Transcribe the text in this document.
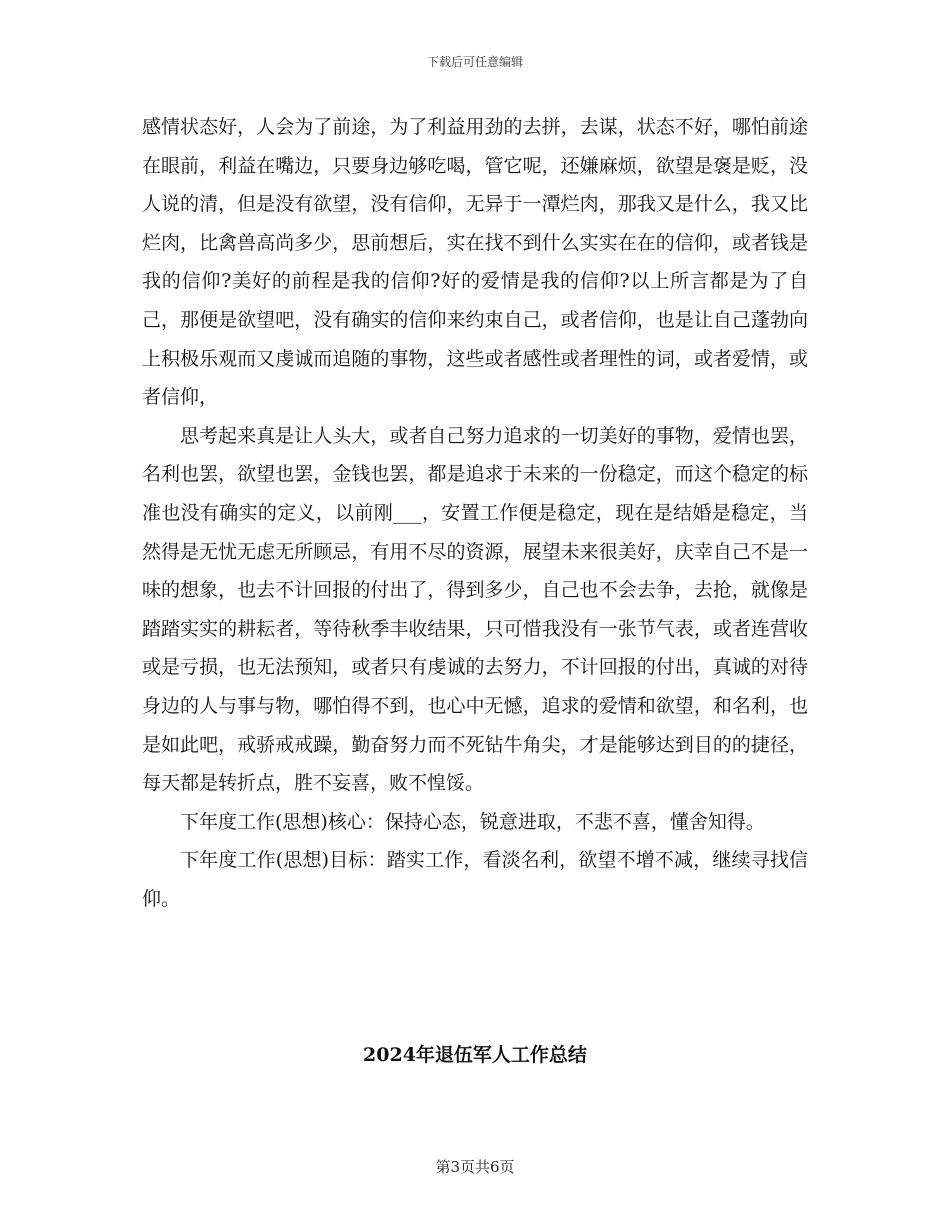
下载后可任意编辑

感情状态好，人会为了前途，为了利益用劲的去拼，去谋，状态不好，哪怕前途在眼前，利益在嘴边，只要身边够吃喝，管它呢，还嫌麻烦，欲望是褒是贬，没人说的清，但是没有欲望，没有信仰，无异于一潭烂肉，那我又是什么，我又比烂肉，比禽兽高尚多少，思前想后，实在找不到什么实实在在的信仰，或者钱是我的信仰?美好的前程是我的信仰?好的爱情是我的信仰?以上所言都是为了自己，那便是欲望吧，没有确实的信仰来约束自己，或者信仰，也是让自己蓬勃向上积极乐观而又虔诚而追随的事物，这些或者感性或者理性的词，或者爱情，或者信仰，

思考起来真是让人头大，或者自己努力追求的一切美好的事物，爱情也罢，名利也罢，欲望也罢，金钱也罢，都是追求于未来的一份稳定，而这个稳定的标准也没有确实的定义，以前刚___，安置工作便是稳定，现在是结婚是稳定，当然得是无忧无虑无所顾忌，有用不尽的资源，展望未来很美好，庆幸自己不是一味的想象，也去不计回报的付出了，得到多少，自己也不会去争，去抢，就像是踏踏实实的耕耘者，等待秋季丰收结果，只可惜我没有一张节气表，或者连营收或是亏损，也无法预知，或者只有虔诚的去努力，不计回报的付出，真诚的对待身边的人与事与物，哪怕得不到，也心中无憾，追求的爱情和欲望，和名利，也是如此吧，戒骄戒戒躁，勤奋努力而不死钻牛角尖，才是能够达到目的的捷径，每天都是转折点，胜不妄喜，败不惶馁。

下年度工作(思想)核心：保持心态，锐意进取，不悲不喜，懂舍知得。

下年度工作(思想)目标：踏实工作，看淡名利，欲望不增不减，继续寻找信仰。

2024年退伍军人工作总结
第3页共6页
